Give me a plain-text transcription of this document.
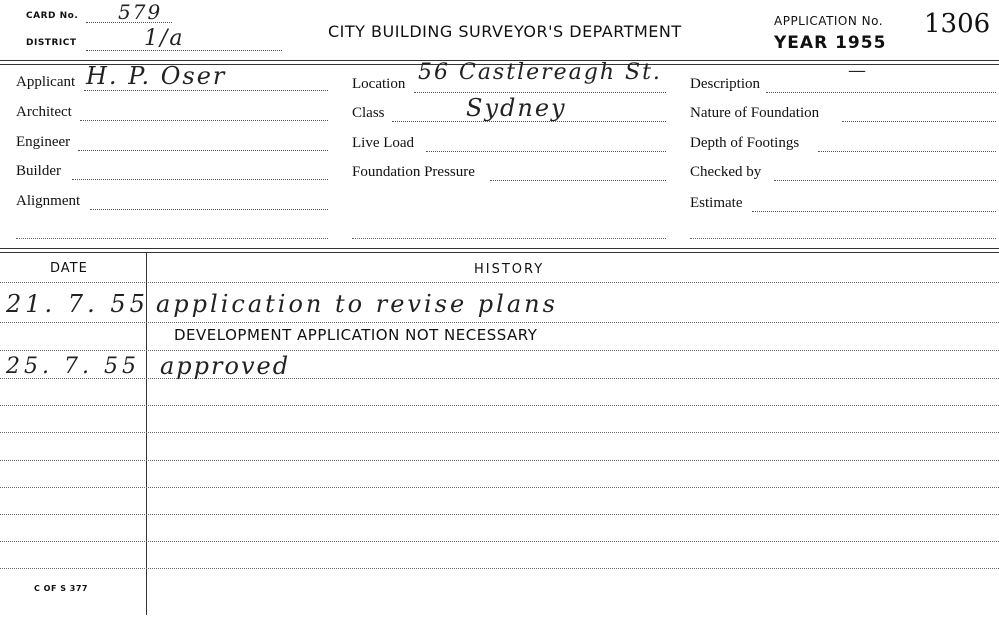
CARD No. 579
DISTRICT	1/a	CITY BUILDING SURVEYOR'S DEPARTMENT
APPLICATION No. 1306
YEAR 1955
Applicant H. P. Oser
Architect
Engineer
Builder
Alignment
Location 56 Castlereagh St.
Class	Sydney
Live Load
Foundation Pressure
Description
—
Nature of Foundation
Depth of Footings
Checked by
Estimate
DATE	HISTORY
21. 7. 55 application to revise plans
DEVELOPMENT APPLICATION NOT NECESSARY
25. 7. 55 approved
C OF S 377
